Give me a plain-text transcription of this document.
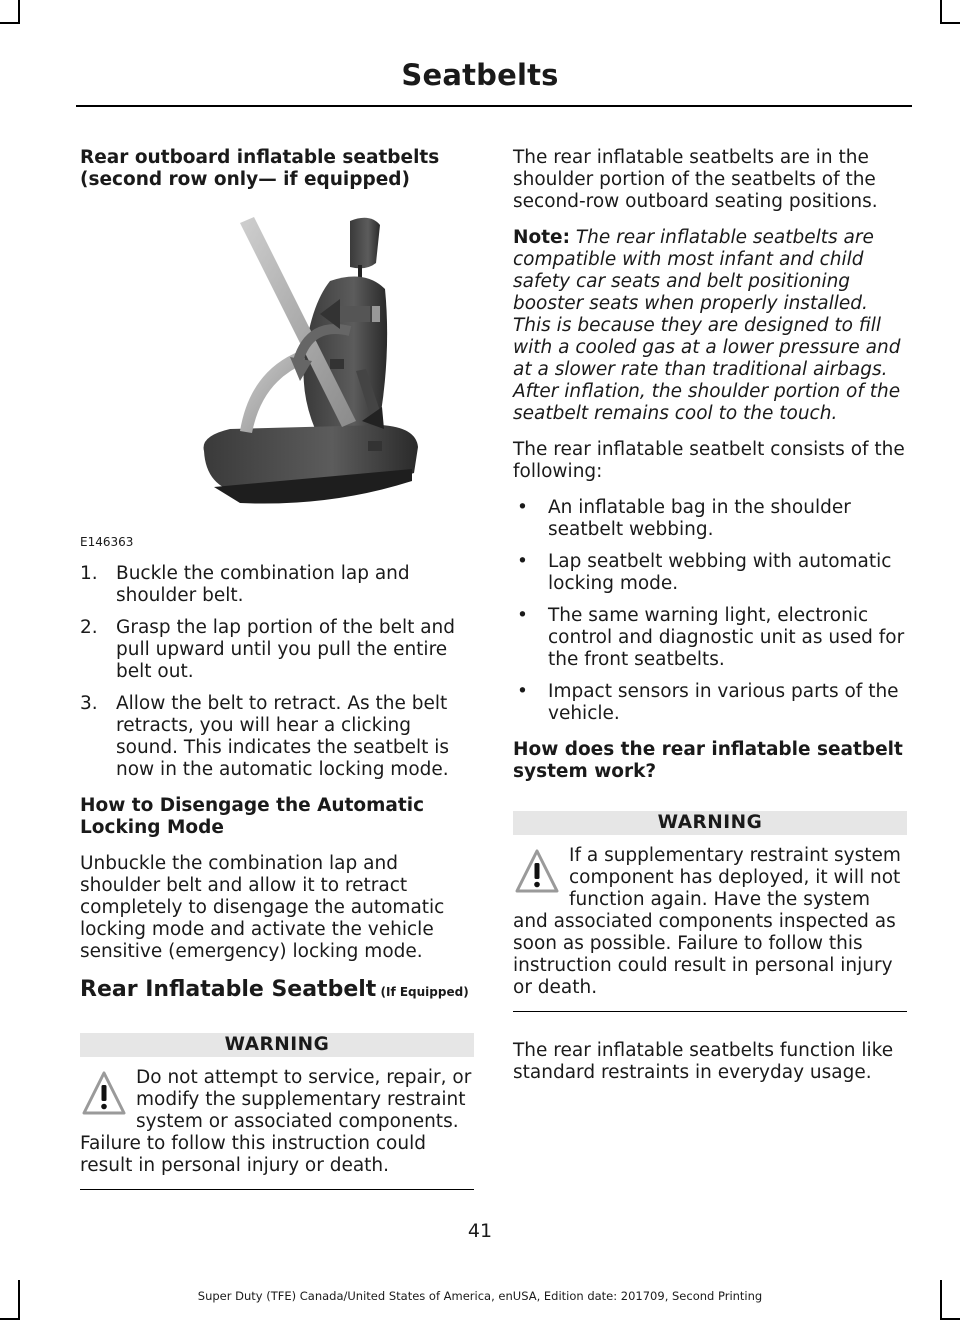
Seatbelts
Rear outboard inflatable seatbelts (second row only— if equipped)
E146363
1. Buckle the combination lap and shoulder belt.
2. Grasp the lap portion of the belt and pull upward until you pull the entire belt out.
3. Allow the belt to retract. As the belt retracts, you will hear a clicking sound. This indicates the seatbelt is now in the automatic locking mode.
How to Disengage the Automatic Locking Mode

Unbuckle the combination lap and shoulder belt and allow it to retract completely to disengage the automatic locking mode and activate the vehicle sensitive (emergency) locking mode.

Rear Inflatable Seatbelt (If Equipped)
WARNING
Do not attempt to service, repair, or modify the supplementary restraint system or associated components. Failure to follow this instruction could result in personal injury or death.

The rear inflatable seatbelts are in the shoulder portion of the seatbelts of the second-row outboard seating positions.

Note: The rear inflatable seatbelts are compatible with most infant and child safety car seats and belt positioning booster seats when properly installed. This is because they are designed to fill with a cooled gas at a lower pressure and at a slower rate than traditional airbags. After inflation, the shoulder portion of the seatbelt remains cool to the touch.

The rear inflatable seatbelt consists of the following:

• An inflatable bag in the shoulder seatbelt webbing.
• Lap seatbelt webbing with automatic locking mode.
• The same warning light, electronic control and diagnostic unit as used for the front seatbelts.
• Impact sensors in various parts of the vehicle.
How does the rear inflatable seatbelt system work?
WARNING
If a supplementary restraint system component has deployed, it will not function again. Have the system and associated components inspected as soon as possible. Failure to follow this instruction could result in personal injury or death.

The rear inflatable seatbelts function like standard restraints in everyday usage.

41
Super Duty (TFE) Canada/United States of America, enUSA, Edition date: 201709, Second Printing
